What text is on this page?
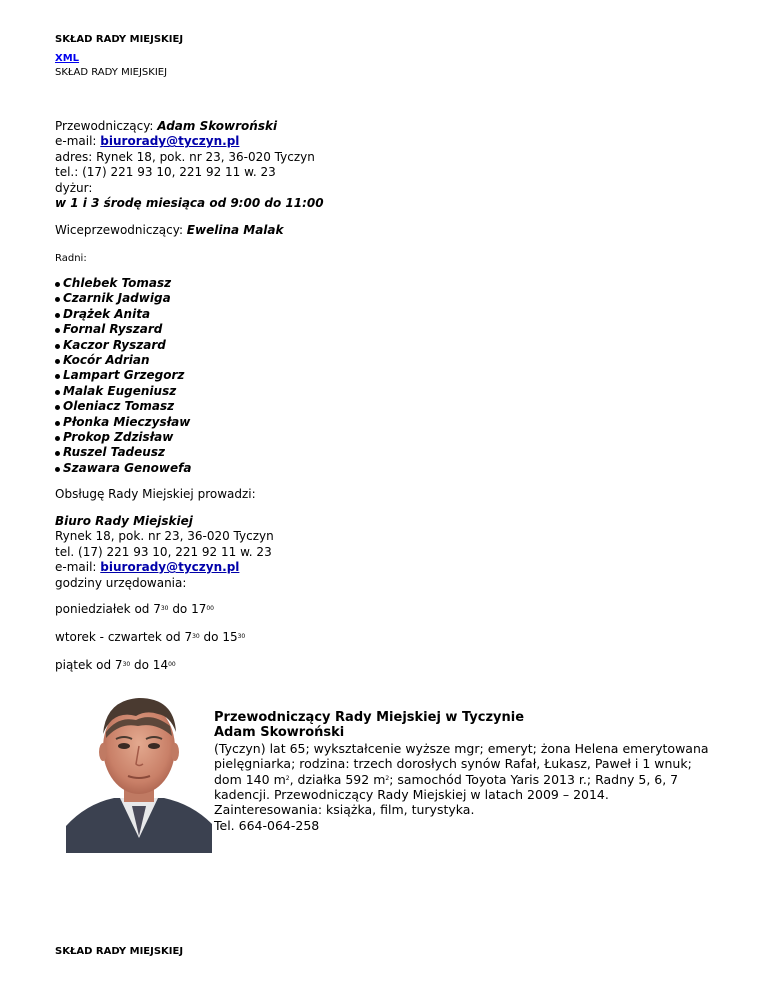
SKŁAD RADY MIEJSKIEJ
XML
SKŁAD RADY MIEJSKIEJ
Przewodniczący: Adam Skowroński
e-mail: biurorady@tyczyn.pl
adres: Rynek 18, pok. nr 23, 36-020 Tyczyn
tel.: (17) 221 93 10, 221 92 11 w. 23
dyżur:
w 1 i 3 środę miesiąca od 9:00 do 11:00
Wiceprzewodniczący: Ewelina Malak
Radni:
Chlebek Tomasz
Czarnik Jadwiga
Drążek Anita
Fornal Ryszard
Kaczor Ryszard
Kocór Adrian
Lampart Grzegorz
Malak Eugeniusz
Oleniacz Tomasz
Płonka Mieczysław
Prokop Zdzisław
Ruszel Tadeusz
Szawara Genowefa
Obsługę Rady Miejskiej prowadzi:
Biuro Rady Miejskiej
Rynek 18, pok. nr 23, 36-020 Tyczyn
tel. (17) 221 93 10, 221 92 11 w. 23
e-mail: biurorady@tyczyn.pl
godziny urzędowania:
poniedziałek od $7^{30}$ do $17^{00}$
wtorek - czwartek od $7^{30}$ do $15^{30}$
piątek od $7^{30}$ do $14^{00}$
Przewodniczący Rady Miejskiej w Tyczynie
Adam Skowroński
(Tyczyn) lat 65; wykształcenie wyższe mgr; emeryt; żona Helena emerytowana
pielęgniarka; rodzina: trzech dorosłych synów Rafał, Łukasz, Paweł i 1 wnuk;
dom 140 $m^2$, działka 592 $m^2$; samochód Toyota Yaris 2013 r.; Radny 5, 6, 7
kadencji. Przewodniczący Rady Miejskiej w latach 2009 – 2014.
Zainteresowania: książka, film, turystyka.
Tel. 664-064-258
SKŁAD RADY MIEJSKIEJ
